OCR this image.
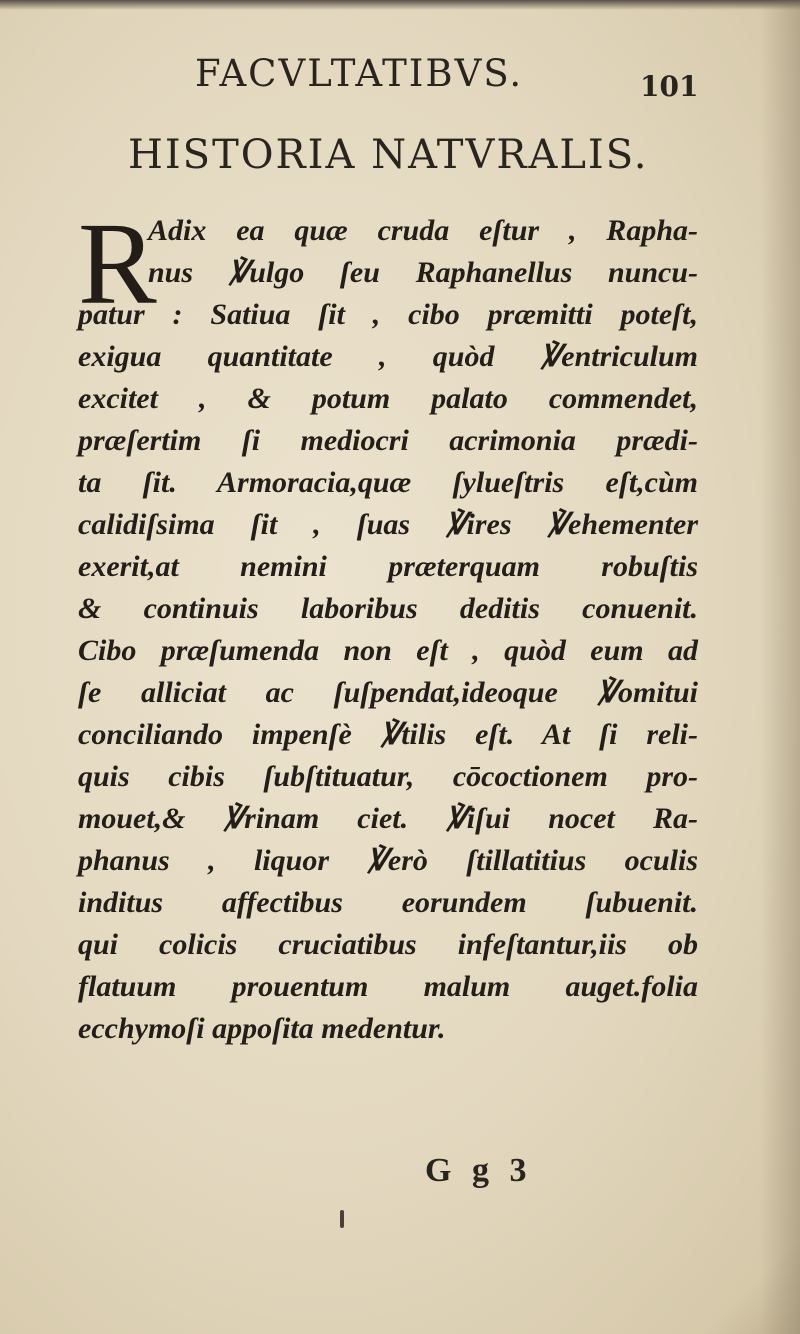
FACVLTATIBVS.	101
HISTORIA NATVRALIS.
R
Adix ea quæ cruda eſtur , Rapha-
nus ℣ulgo ſeu Raphanellus nuncu-
patur : Satiua ſit , cibo præmitti poteſt,
exigua quantitate , quòd ℣entriculum
excitet , & potum palato commendet,
præſertim ſi mediocri acrimonia prædi-
ta ſit. Armoracia,quæ ſylueſtris eſt,cùm
calidiſsima ſit , ſuas ℣ires ℣ehementer
exerit,at nemini præterquam robuſtis
& continuis laboribus deditis conuenit.
Cibo præſumenda non eſt , quòd eum ad
ſe alliciat ac ſuſpendat,ideoque ℣omitui
conciliando impenſè ℣tilis eſt. At ſi reli-
quis cibis ſubſtituatur, cōcoctionem pro-
mouet,& ℣rinam ciet. ℣iſui nocet Ra-
phanus , liquor ℣erò ſtillatitius oculis
inditus affectibus eorundem ſubuenit.
qui colicis cruciatibus infeſtantur,iis ob
flatuum prouentum malum auget.folia
ecchymoſi appoſita medentur.
G g 3
